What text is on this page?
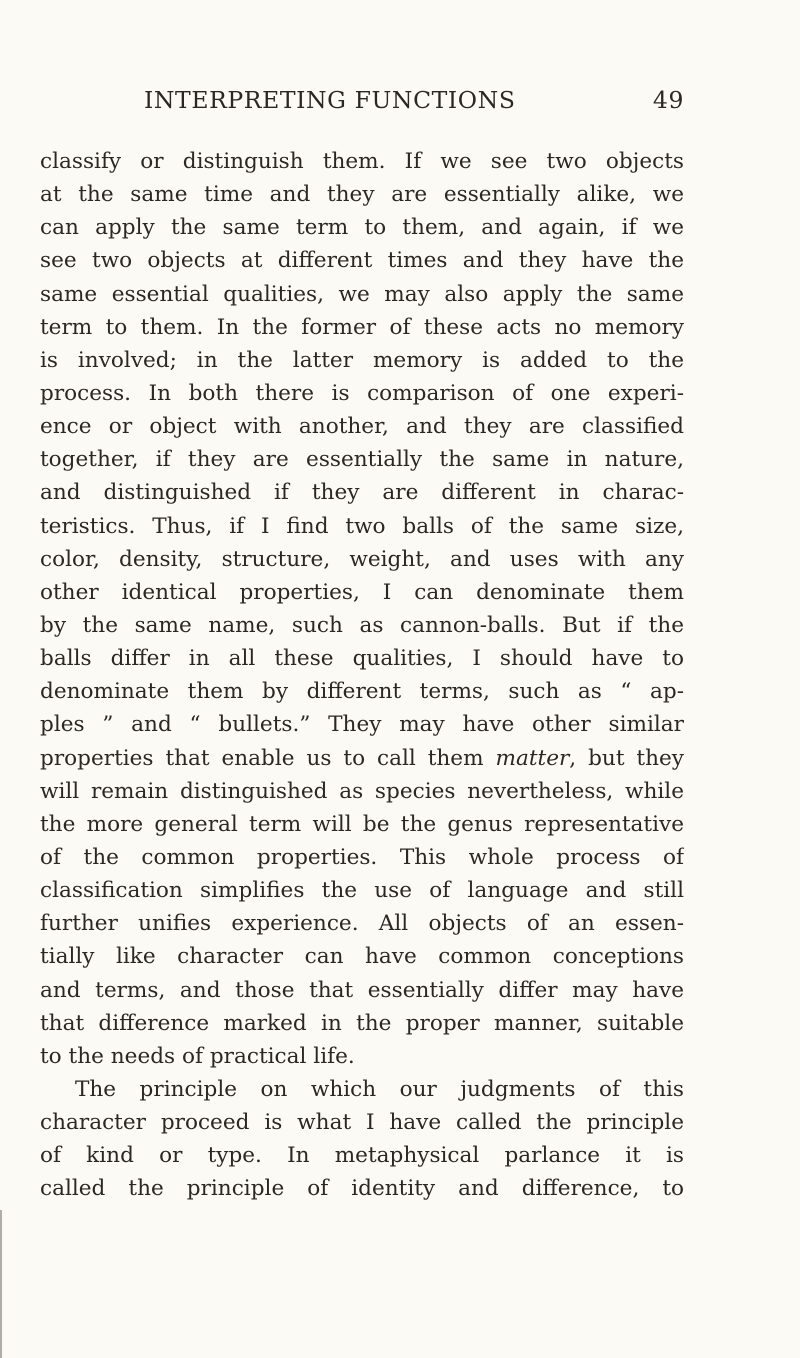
INTERPRETING FUNCTIONS	49
classify or distinguish them. If we see two objects
at the same time and they are essentially alike, we
can apply the same term to them, and again, if we
see two objects at different times and they have the
same essential qualities, we may also apply the same
term to them. In the former of these acts no memory
is involved; in the latter memory is added to the
process. In both there is comparison of one experi-
ence or object with another, and they are classified
together, if they are essentially the same in nature,
and distinguished if they are different in charac-
teristics. Thus, if I find two balls of the same size,
color, density, structure, weight, and uses with any
other identical properties, I can denominate them
by the same name, such as cannon-balls. But if the
balls differ in all these qualities, I should have to
denominate them by different terms, such as “ ap-
ples ” and “ bullets.” They may have other similar
properties that enable us to call them matter, but they
will remain distinguished as species nevertheless, while
the more general term will be the genus representative
of the common properties. This whole process of
classification simplifies the use of language and still
further unifies experience. All objects of an essen-
tially like character can have common conceptions
and terms, and those that essentially differ may have
that difference marked in the proper manner, suitable
to the needs of practical life.
The principle on which our judgments of this
character proceed is what I have called the principle
of kind or type. In metaphysical parlance it is
called the principle of identity and difference, to
